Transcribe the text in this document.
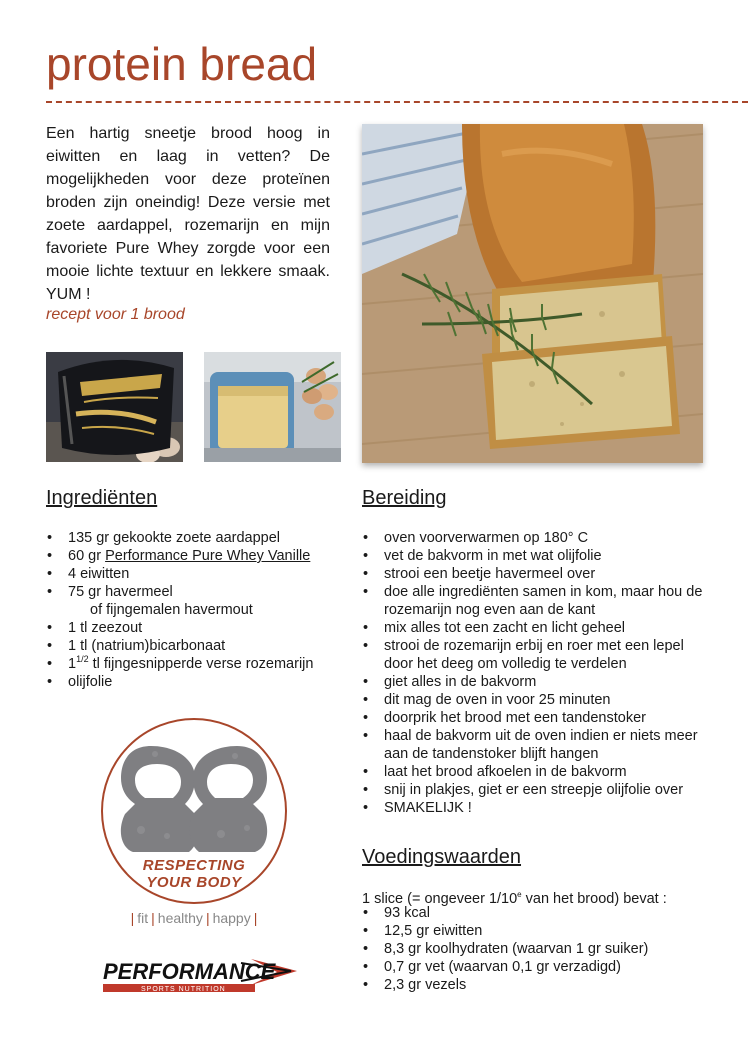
protein bread

Een hartig sneetje brood hoog in eiwitten en laag in vetten? De mogelijkheden voor deze proteïnen broden zijn oneindig! Deze versie met zoete aardappel, rozemarijn en mijn favoriete Pure Whey zorgde voor een mooie lichte textuur en lekkere smaak. YUM !

recept voor 1 brood
Ingrediënten
• 135 gr gekookte zoete aardappel
• 60 gr Performance Pure Whey Vanille
• 4 eiwitten
• 75 gr havermeel
of fijngemalen havermout
• 1 tl zeezout
• 1 tl (natrium)bicarbonaat
• $1^{1/2}$ tl fijngesnipperde verse rozemarijn
• olijfolie
Bereiding
• oven voorverwarmen op 180° C
• vet de bakvorm in met wat olijfolie
• strooi een beetje havermeel over
• doe alle ingrediënten samen in kom, maar hou de rozemarijn nog even aan de kant
• mix alles tot een zacht en licht geheel
• strooi de rozemarijn erbij en roer met een lepel door het deeg om volledig te verdelen
• giet alles in de bakvorm
• dit mag de oven in voor 25 minuten
• doorprik het brood met een tandenstoker
• haal de bakvorm uit de oven indien er niets meer aan de tandenstoker blijft hangen
• laat het brood afkoelen in de bakvorm
• snij in plakjes, giet er een streepje olijfolie over
• SMAKELIJK !
Voedingswaarden
1 slice (= ongeveer 1/10e van het brood) bevat :
• 93 kcal
• 12,5 gr eiwitten
• 8,3 gr koolhydraten (waarvan 1 gr suiker)
• 0,7 gr vet (waarvan 0,1 gr verzadigd)
• 2,3 gr vezels
RESPECTING
YOUR BODY
| fit | healthy | happy |
PERFORMANCE
SPORTS NUTRITION
